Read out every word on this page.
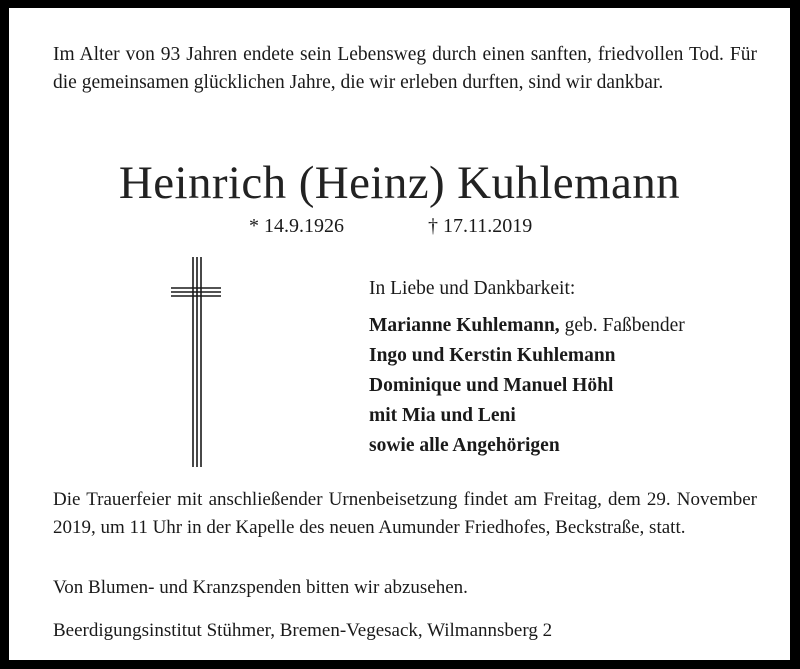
Im Alter von 93 Jahren endete sein Lebensweg durch einen sanften, friedvollen Tod. Für die gemeinsamen glücklichen Jahre, die wir erleben durften, sind wir dankbar.

Heinrich (Heinz) Kuhlemann
* 14.9.1926	† 17.11.2019
In Liebe und Dankbarkeit:
Marianne Kuhlemann, geb. Faßbender
Ingo und Kerstin Kuhlemann
Dominique und Manuel Höhl
mit Mia und Leni
sowie alle Angehörigen

Die Trauerfeier mit anschließender Urnenbeisetzung findet am Freitag, dem 29. November 2019, um 11 Uhr in der Kapelle des neuen Aumunder Friedhofes, Beckstraße, statt.

Von Blumen- und Kranzspenden bitten wir abzusehen.

Beerdigungsinstitut Stühmer, Bremen-Vegesack, Wilmannsberg 2
